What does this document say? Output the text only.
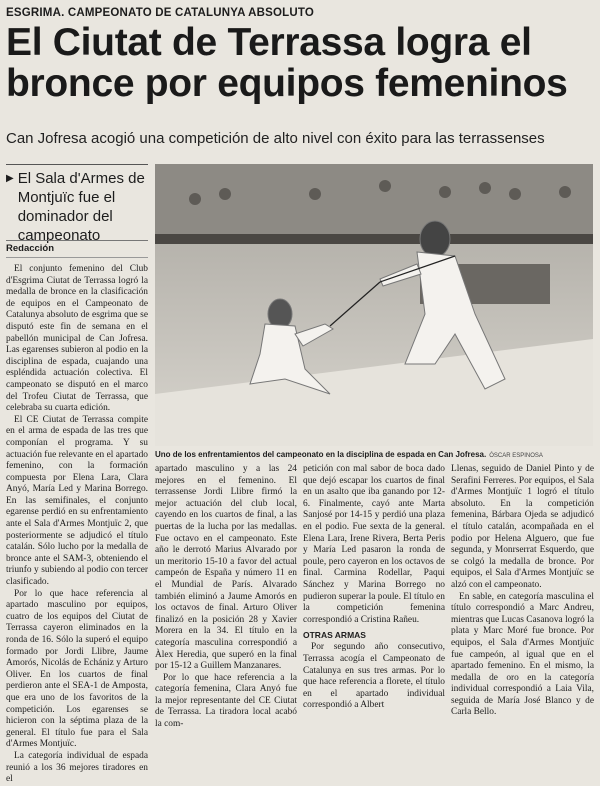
ESGRIMA. CAMPEONATO DE CATALUNYA ABSOLUTO
El Ciutat de Terrassa logra el bronce por equipos femeninos
Can Jofresa acogió una competición de alto nivel con éxito para las terrassenses
▶ El Sala d'Armes de Montjuïc fue el dominador del campeonato
Redacción

El conjunto femenino del Club d'Esgrima Ciutat de Terrassa logró la medalla de bronce en la clasificación de equipos en el Campeonato de Catalunya absoluto de esgrima que se disputó este fin de semana en el pabellón municipal de Can Jofresa. Las egarenses subieron al podio en la disciplina de espada, cuajando una espléndida actuación colectiva. El campeonato se disputó en el marco del Trofeu Ciutat de Terrassa, que celebraba su cuarta edición.

El CE Ciutat de Terrassa compite en el arma de espada de las tres que componían el programa. Y su actuación fue relevante en el apartado femenino, con la formación compuesta por Elena Lara, Clara Anyó, María Led y Marina Borrego. En las semifinales, el conjunto egarense perdió en su enfrentamiento ante el Sala d'Armes Montjuïc 2, que posteriormente se adjudicó el título catalán. Sólo lucho por la medalla de bronce ante el SAM-3, obteniendo el triunfo y subiendo al podio con tercer clasificado.

Por lo que hace referencia al apartado masculino por equipos, cuatro de los equipos del Ciutat de Terrassa cayeron eliminados en la ronda de 16. Sólo la superó el equipo formado por Jordi Llibre, Jaume Amorós, Nicolás de Echániz y Arturo Oliver. En los cuartos de final perdieron ante el SEA-1 de Amposta, que era uno de los favoritos de la competición. Los egarenses se hicieron con la séptima plaza de la general. El título fue para el Sala d'Armes Montjuïc.

La categoría individual de espada reunió a los 36 mejores tiradores en el

Uno de los enfrentamientos del campeonato en la disciplina de espada en Can Jofresa. ÓSCAR ESPINOSA

apartado masculino y a las 24 mejores en el femenino. El terrassense Jordi Llibre firmó la mejor actuación del club local, cayendo en los cuartos de final, a las puertas de la lucha por las medallas. Fue octavo en el campeonato. Este año le derrotó Marius Alvarado por un meritorio 15-10 a favor del actual campeón de España y número 11 en el Mundial de París. Alvarado también eliminó a Jaume Amorós en los octavos de final. Arturo Oliver finalizó en la posición 28 y Xavier Morera en la 34. El título en la categoría masculina correspondió a Àlex Heredia, que superó en la final por 15-12 a Guillem Manzanares.

Por lo que hace referencia a la categoría femenina, Clara Anyó fue la mejor representante del CE Ciutat de Terrassa. La tiradora local acabó la com-

petición con mal sabor de boca dado que dejó escapar los cuartos de final en un asalto que iba ganando por 12-6. Finalmente, cayó ante Marta Sanjosé por 14-15 y perdió una plaza en el podio. Fue sexta de la general. Elena Lara, Irene Rivera, Berta Peris y María Led pasaron la ronda de poule, pero cayeron en los octavos de final. Carmina Rodellar, Paqui Sánchez y Marina Borrego no pudieron superar la poule. El título en la competición femenina correspondió a Cristina Rañeu.

OTRAS ARMAS

Por segundo año consecutivo, Terrassa acogía el Campeonato de Catalunya en sus tres armas. Por lo que hace referencia a florete, el título en el apartado individual correspondió a Albert

Llenas, seguido de Daniel Pinto y de Serafini Ferreres. Por equipos, el Sala d'Armes Montjuïc 1 logró el título absoluto. En la competición femenina, Bárbara Ojeda se adjudicó el título catalán, acompañada en el podio por Helena Alguero, que fue segunda, y Monrserrat Esquerdo, que se colgó la medalla de bronce. Por equipos, el Sala d'Armes Montjuïc se alzó con el campeonato.

En sable, en categoría masculina el título correspondió a Marc Andreu, mientras que Lucas Casanova logró la plata y Marc Moré fue bronce. Por equipos, el Sala d'Armes Montjuïc fue campeón, al igual que en el apartado femenino. En el mismo, la medalla de oro en la categoría individual correspondió a Laia Vila, seguida de María José Blanco y de Carla Bello.
